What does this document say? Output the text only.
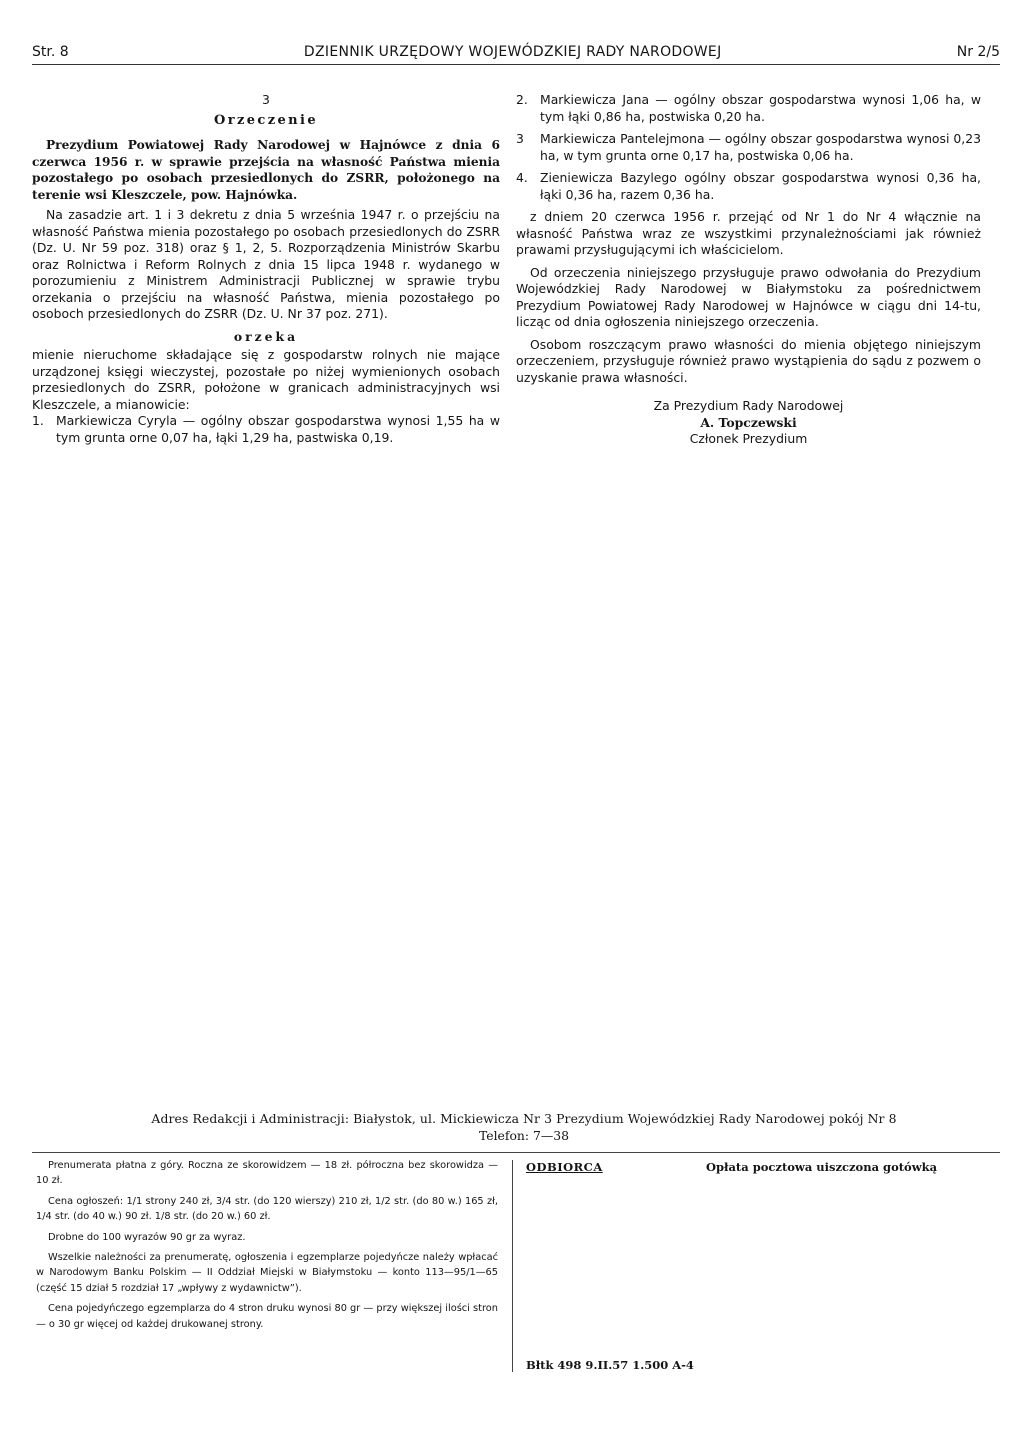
Str. 8	DZIENNIK URZĘDOWY WOJEWÓDZKIEJ RADY NARODOWEJ	Nr 2/5

3

Orzeczenie

Prezydium Powiatowej Rady Narodowej w Hajnówce z dnia 6 czerwca 1956 r. w sprawie przejścia na własność Państwa mienia pozostałego po osobach przesiedlonych do ZSRR, położonego na terenie wsi Kleszczele, pow. Hajnówka.

Na zasadzie art. 1 i 3 dekretu z dnia 5 września 1947 r. o przejściu na własność Państwa mienia pozostałego po osobach przesiedlonych do ZSRR (Dz. U. Nr 59 poz. 318) oraz § 1, 2, 5. Rozporządzenia Ministrów Skarbu oraz Rolnictwa i Reform Rolnych z dnia 15 lipca 1948 r. wydanego w porozumieniu z Ministrem Administracji Publicznej w sprawie trybu orzekania o przejściu na własność Państwa, mienia pozostałego po osoboch przesiedlonych do ZSRR (Dz. U. Nr 37 poz. 271).

orzeka

mienie nieruchome składające się z gospodarstw rolnych nie mające urządzonej księgi wieczystej, pozostałe po niżej wymienionych osobach przesiedlonych do ZSRR, położone w granicach administracyjnych wsi Kleszczele, a mianowicie:

1. Markiewicza Cyryla — ogólny obszar gospodarstwa wynosi 1,55 ha w tym grunta orne 0,07 ha, łąki 1,29 ha, pastwiska 0,19.
2. Markiewicza Jana — ogólny obszar gospodarstwa wynosi 1,06 ha, w tym łąki 0,86 ha, postwiska 0,20 ha.
3	Markiewicza Pantelejmona — ogólny obszar gospodarstwa wynosi 0,23 ha, w tym grunta orne 0,17 ha, postwiska 0,06 ha.
4. Zieniewicza Bazylego ogólny obszar gospodarstwa wynosi 0,36 ha, łąki 0,36 ha, razem 0,36 ha.

z dniem 20 czerwca 1956 r. przejąć od Nr 1 do Nr 4 włącznie na własność Państwa wraz ze wszystkimi przynależnościami jak również prawami przysługującymi ich właścicielom.

Od orzeczenia niniejszego przysługuje prawo odwołania do Prezydium Wojewódzkiej Rady Narodowej w Białymstoku za pośrednictwem Prezydium Powiatowej Rady Narodowej w Hajnówce w ciągu dni 14-tu, licząc od dnia ogłoszenia niniejszego orzeczenia.

Osobom roszczącym prawo własności do mienia objętego niniejszym orzeczeniem, przysługuje również prawo wystąpienia do sądu z pozwem o uzyskanie prawa własności.

Za Prezydium Rady Narodowej
A. Topczewski
Członek Prezydium
Adres Redakcji i Administracji: Białystok, ul. Mickiewicza Nr 3 Prezydium Wojewódzkiej Rady Narodowej pokój Nr 8
Telefon: 7—38

Prenumerata płatna z góry. Roczna ze skorowidzem — 18 zł. półroczna bez skorowidza — 10 zł.

Cena ogłoszeń: 1/1 strony 240 zł, 3/4 str. (do 120 wierszy) 210 zł, 1/2 str. (do 80 w.) 165 zł, 1/4 str. (do 40 w.) 90 zł. 1/8 str. (do 20 w.) 60 zł.

Drobne do 100 wyrazów 90 gr za wyraz.

Wszelkie należności za prenumeratę, ogłoszenia i egzemplarze pojedyńcze należy wpłacać w Narodowym Banku Polskim — II Oddział Miejski w Białymstoku — konto 113—95/1—65 (część 15 dział 5 rozdział 17 „wpływy z wydawnictw”).

Cena pojedyńczego egzemplarza do 4 stron druku wynosi 80 gr — przy większej ilości stron — o 30 gr więcej od każdej drukowanej strony.

ODBIORCA	Opłata pocztowa uiszczona gotówką
Błtk 498 9.II.57 1.500 A-4
